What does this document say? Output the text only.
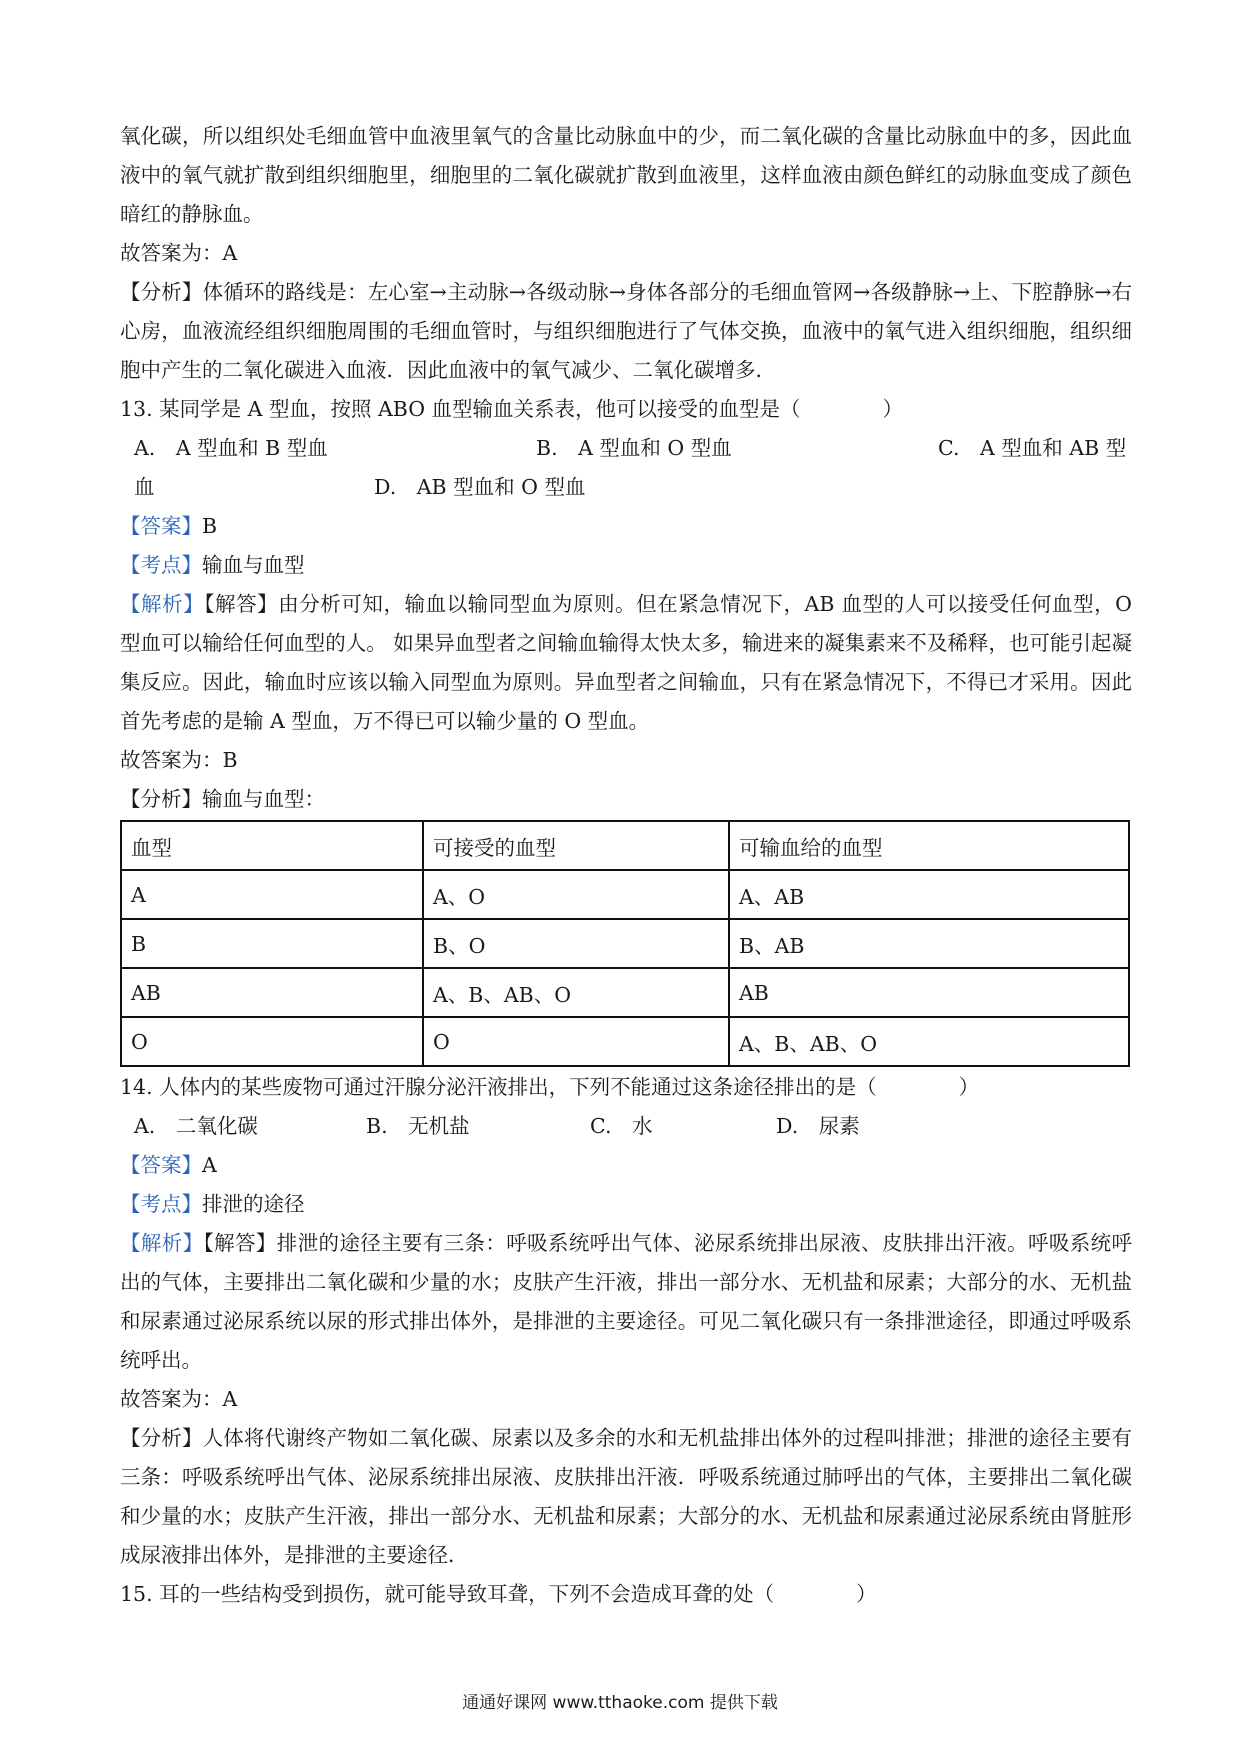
氧化碳，所以组织处毛细血管中血液里氧气的含量比动脉血中的少，而二氧化碳的含量比动脉血中的多，因此血液中的氧气就扩散到组织细胞里，细胞里的二氧化碳就扩散到血液里，这样血液由颜色鲜红的动脉血变成了颜色暗红的静脉血。

故答案为：A

【分析】体循环的路线是：左心室→主动脉→各级动脉→身体各部分的毛细血管网→各级静脉→上、下腔静脉→右心房，血液流经组织细胞周围的毛细血管时，与组织细胞进行了气体交换，血液中的氧气进入组织细胞，组织细胞中产生的二氧化碳进入血液．因此血液中的氧气减少、二氧化碳增多．

13. 某同学是 A 型血，按照 ABO 血型输血关系表，他可以接受的血型是（　　　　）

A.　A 型血和 B 型血	B.　A 型血和 O 型血	C.　A 型血和 AB 型
血	D.　AB 型血和 O 型血

【答案】B

【考点】输血与血型

【解析】【解答】由分析可知，输血以输同型血为原则。但在紧急情况下，AB 血型的人可以接受任何血型，O 型血可以输给任何血型的人。 如果异血型者之间输血输得太快太多，输进来的凝集素来不及稀释，也可能引起凝集反应。因此，输血时应该以输入同型血为原则。异血型者之间输血，只有在紧急情况下，不得已才采用。因此首先考虑的是输 A 型血，万不得已可以输少量的 O 型血。

故答案为：B

【分析】输血与血型：

血型	可接受的血型	可输血给的血型
A	A、O	A、AB
B	B、O	B、AB
AB	A、B、AB、O	AB
O	O	A、B、AB、O

14. 人体内的某些废物可通过汗腺分泌汗液排出，下列不能通过这条途径排出的是（　　　　）

A.　二氧化碳	B.　无机盐	C.　水	D.　尿素

【答案】A

【考点】排泄的途径

【解析】【解答】排泄的途径主要有三条：呼吸系统呼出气体、泌尿系统排出尿液、皮肤排出汗液。呼吸系统呼出的气体，主要排出二氧化碳和少量的水；皮肤产生汗液，排出一部分水、无机盐和尿素；大部分的水、无机盐和尿素通过泌尿系统以尿的形式排出体外，是排泄的主要途径。可见二氧化碳只有一条排泄途径，即通过呼吸系统呼出。

故答案为：A

【分析】人体将代谢终产物如二氧化碳、尿素以及多余的水和无机盐排出体外的过程叫排泄；排泄的途径主要有三条：呼吸系统呼出气体、泌尿系统排出尿液、皮肤排出汗液．呼吸系统通过肺呼出的气体，主要排出二氧化碳和少量的水；皮肤产生汗液，排出一部分水、无机盐和尿素；大部分的水、无机盐和尿素通过泌尿系统由肾脏形成尿液排出体外，是排泄的主要途径．

15. 耳的一些结构受到损伤，就可能导致耳聋，下列不会造成耳聋的处（　　　　）

通通好课网 www.tthaoke.com 提供下载
